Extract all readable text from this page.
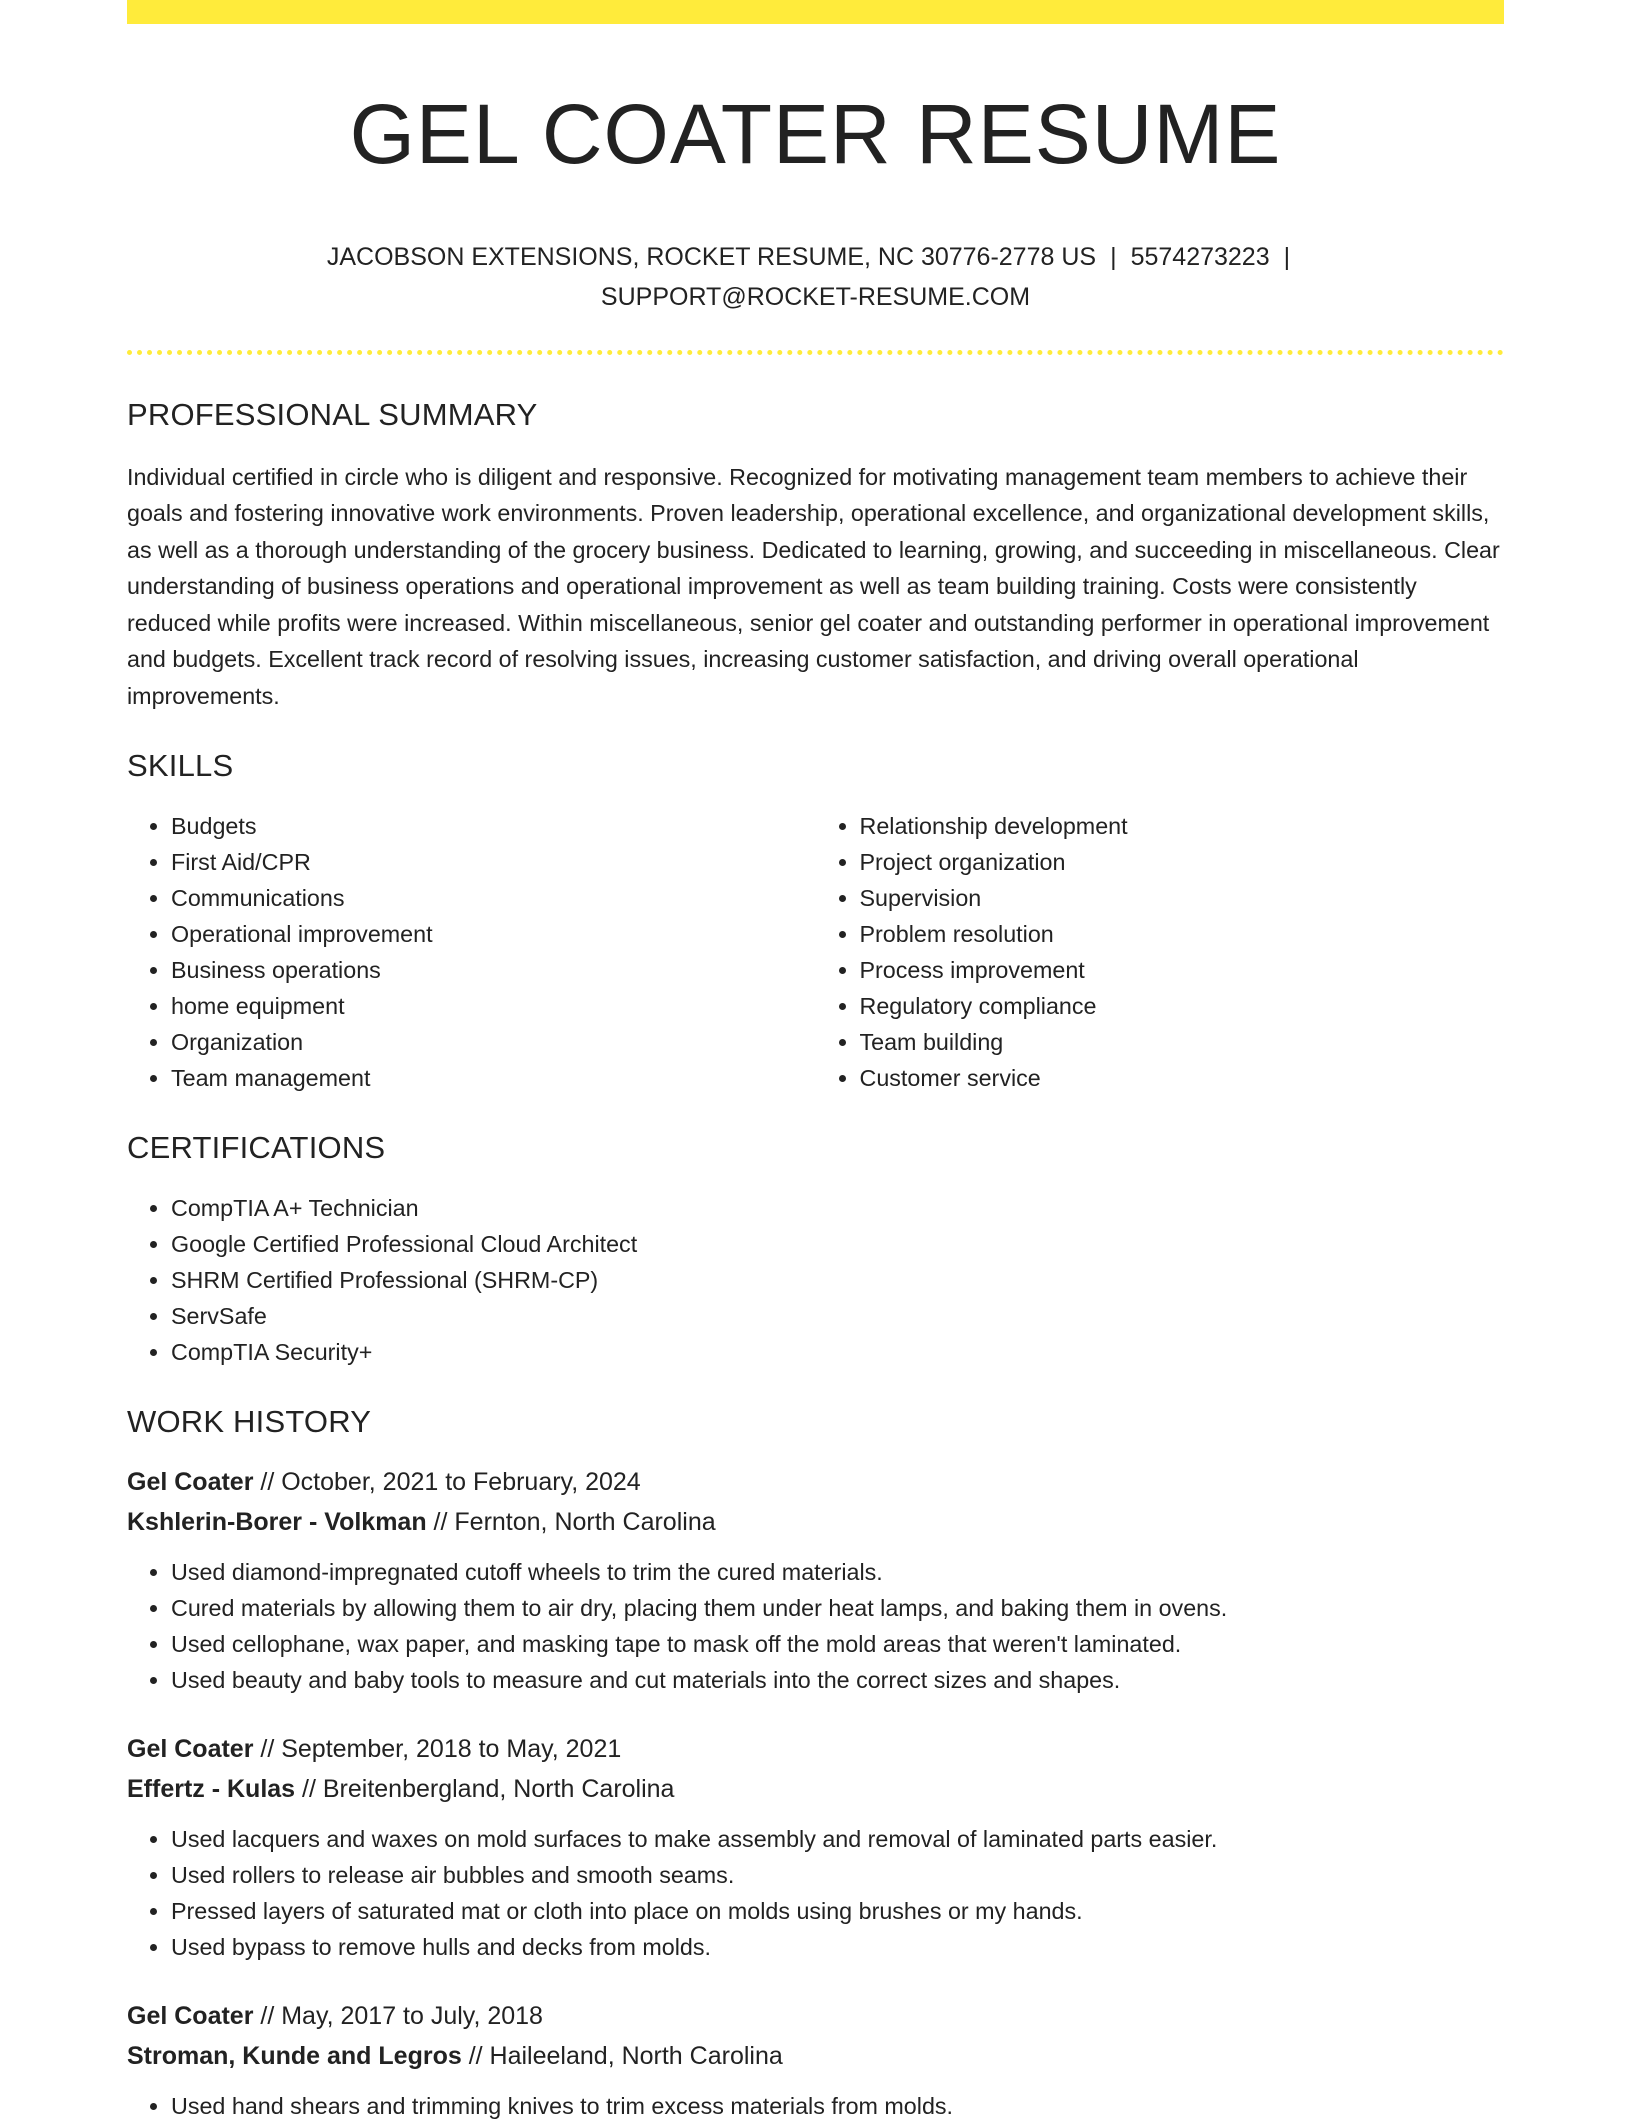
GEL COATER RESUME
JACOBSON EXTENSIONS, ROCKET RESUME, NC 30776-2778 US | 5574273223 |
SUPPORT@ROCKET-RESUME.COM
PROFESSIONAL SUMMARY

Individual certified in circle who is diligent and responsive. Recognized for motivating management team members to achieve their goals and fostering innovative work environments. Proven leadership, operational excellence, and organizational development skills, as well as a thorough understanding of the grocery business. Dedicated to learning, growing, and succeeding in miscellaneous. Clear understanding of business operations and operational improvement as well as team building training. Costs were consistently reduced while profits were increased. Within miscellaneous, senior gel coater and outstanding performer in operational improvement and budgets. Excellent track record of resolving issues, increasing customer satisfaction, and driving overall operational improvements.

SKILLS
• Budgets
• First Aid/CPR
• Communications
• Operational improvement
• Business operations
• home equipment
• Organization
• Team management
• Relationship development
• Project organization
• Supervision
• Problem resolution
• Process improvement
• Regulatory compliance
• Team building
• Customer service
CERTIFICATIONS
• CompTIA A+ Technician
• Google Certified Professional Cloud Architect
• SHRM Certified Professional (SHRM-CP)
• ServSafe
• CompTIA Security+
WORK HISTORY
Gel Coater // October, 2021 to February, 2024
Kshlerin-Borer - Volkman // Fernton, North Carolina
• Used diamond-impregnated cutoff wheels to trim the cured materials.
• Cured materials by allowing them to air dry, placing them under heat lamps, and baking them in ovens.
• Used cellophane, wax paper, and masking tape to mask off the mold areas that weren't laminated.
• Used beauty and baby tools to measure and cut materials into the correct sizes and shapes.
Gel Coater // September, 2018 to May, 2021
Effertz - Kulas // Breitenbergland, North Carolina
• Used lacquers and waxes on mold surfaces to make assembly and removal of laminated parts easier.
• Used rollers to release air bubbles and smooth seams.
• Pressed layers of saturated mat or cloth into place on molds using brushes or my hands.
• Used bypass to remove hulls and decks from molds.
Gel Coater // May, 2017 to July, 2018
Stroman, Kunde and Legros // Haileeland, North Carolina
• Used hand shears and trimming knives to trim excess materials from molds.
